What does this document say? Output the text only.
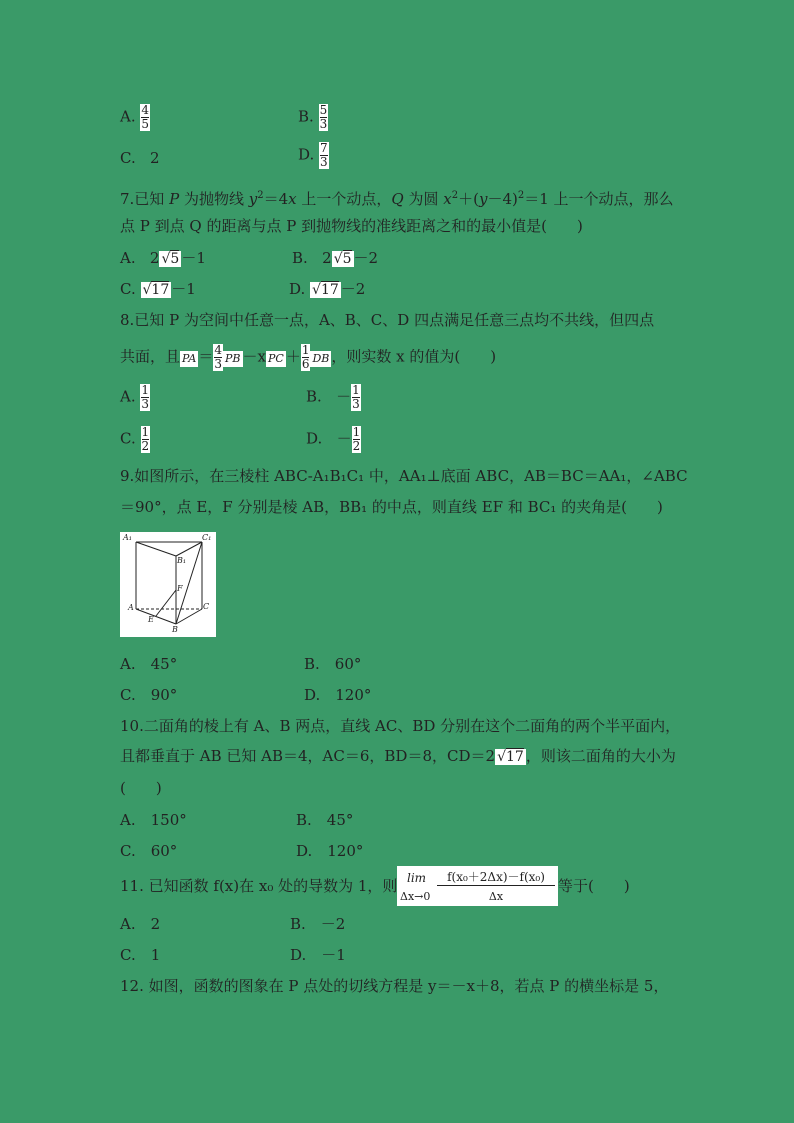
A. $\frac{4}{5}$	B. $\frac{5}{3}$
C. 2	D. $\frac{7}{3}$
7.已知 P 为抛物线 $y^2=4x$ 上一个动点，Q 为圆 $x^2+(y-4)^2=1$ 上一个动点，那么
点 P 到点 Q 的距离与点 P 到抛物线的准线距离之和的最小值是(　　)
A. 2 √5 －1	B. 2 √5 －2
C. √17 －1	D. √17 －2
8.已知 P 为空间中任意一点，A、B、C、D 四点满足任意三点均不共线，但四点
共面，且 PA ＝ $\frac{4}{3}$ PB －x PC ＋ $\frac{1}{6}$ DB ，则实数 x 的值为(　　)
A. $\frac{1}{3}$	B. － $\frac{1}{3}$
C. $\frac{1}{2}$	D. － $\frac{1}{2}$
9.如图所示，在三棱柱 ABC-A₁B₁C₁ 中，AA₁⊥底面 ABC，AB＝BC＝AA₁，∠ABC
＝90°，点 E，F 分别是棱 AB，BB₁ 的中点，则直线 EF 和 BC₁ 的夹角是(　　)
A₁	C₁
B₁
F
A	C
E
B
A.　45°	B.　60°
C.　90°	D.　120°
10.二面角的棱上有 A、B 两点，直线 AC、BD 分别在这个二面角的两个半平面内，
且都垂直于 AB 已知 AB＝4，AC＝6，BD＝8，CD＝2 √17 ，则该二面角的大小为
(　　)
A.　150°	B.　45°
C.　60°	D.　120°
11. 已知函数 f(x)在 x₀ 处的导数为 1，则 lim
Δx→0
f(x₀＋2Δx)－f(x₀)
Δx
等于(　　)
A.　2	B.　－2
C.　1	D.　－1
12. 如图，函数的图象在 P 点处的切线方程是 y＝－x＋8，若点 P 的横坐标是 5，
